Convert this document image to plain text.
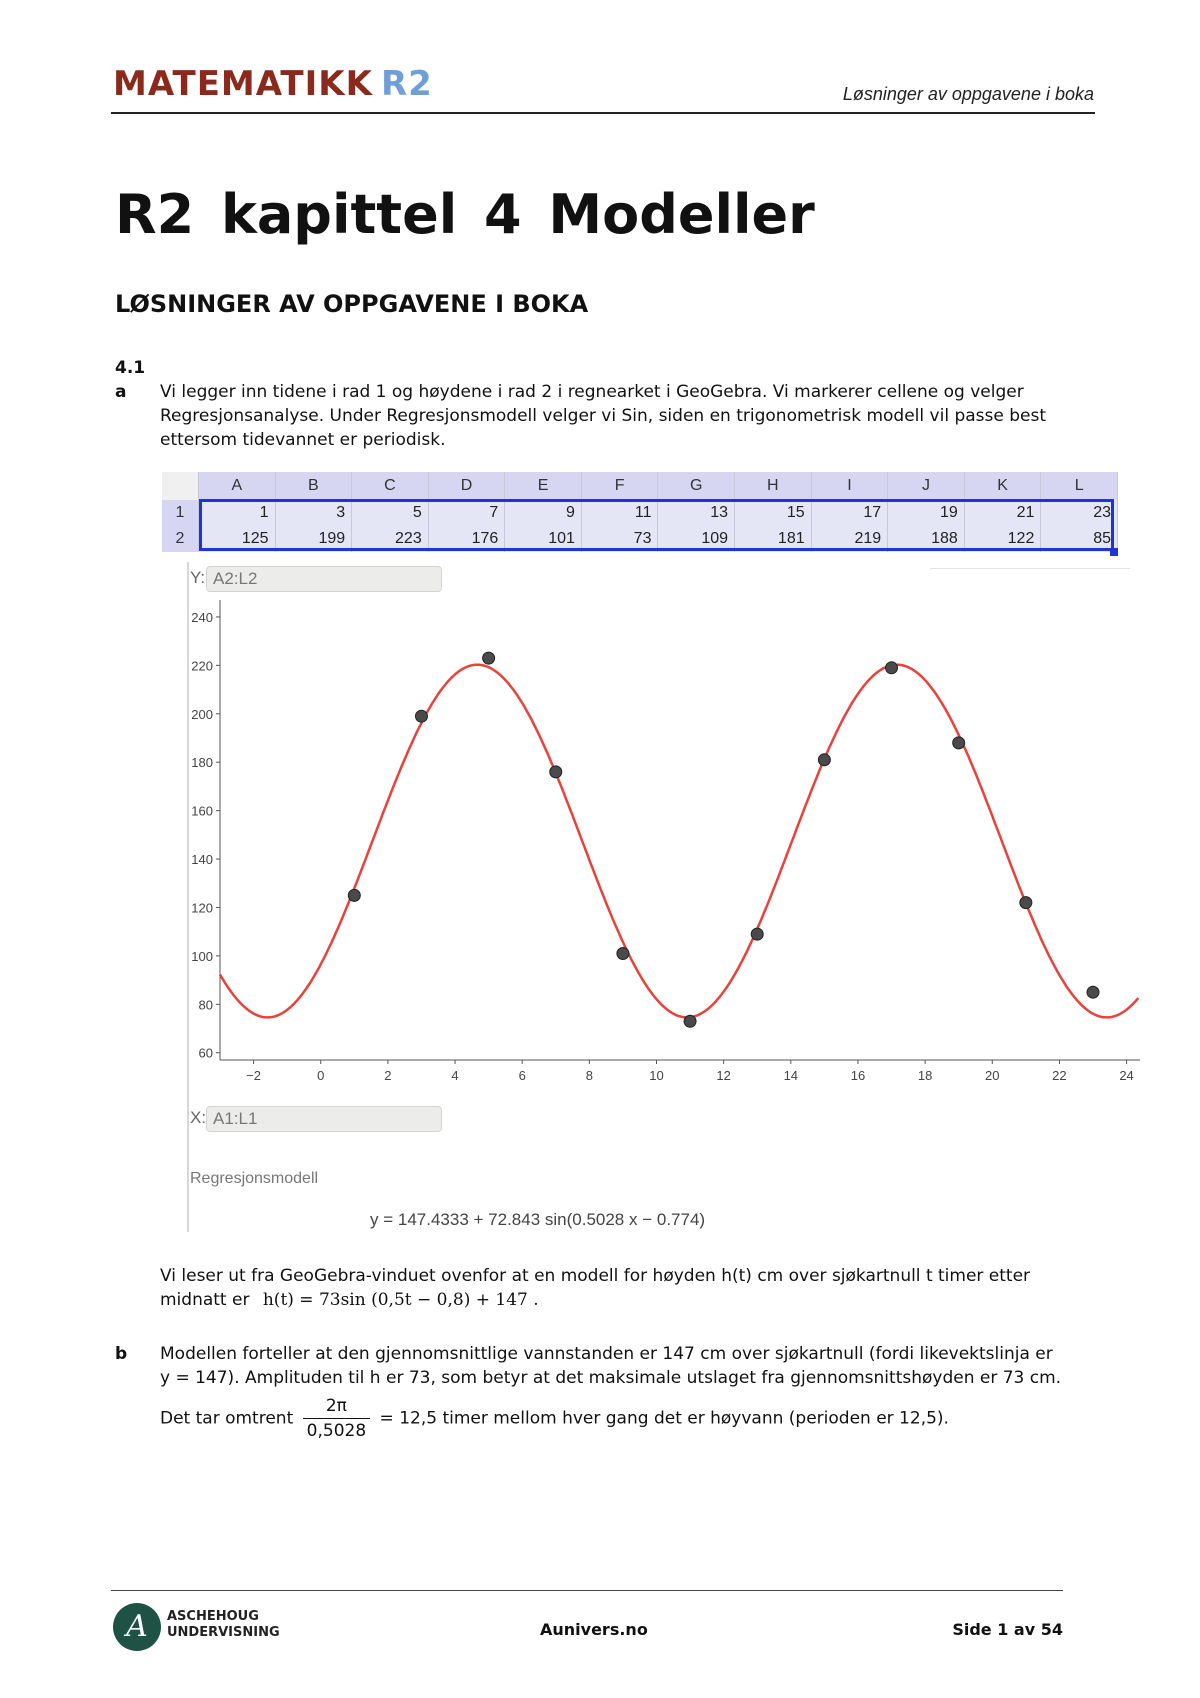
MATEMATIKK R2	Løsninger av oppgavene i boka
R2 kapittel 4 Modeller
LØSNINGER AV OPPGAVENE I BOKA
4.1
a Vi legger inn tidene i rad 1 og høydene i rad 2 i regnearket i GeoGebra. Vi markerer cellene og velger Regresjonsanalyse. Under Regresjonsmodell velger vi Sin, siden en trigonometrisk modell vil passe best ettersom tidevannet er periodisk.
	A	B	C	D	E	F	G	H	I	J	K	L
1	1	3	5	7	9	11	13	15	17	19	21	23
2	125	199	223	176	101	73	109	181	219	188	122	85
Y: A2:L2
60
80
100
120
140
160
180
200
220
240
−2	0	2	4	6	8	10	12	14	16	18	20	22	24
X: A1:L1
Regresjonsmodell
y = 147.4333 + 72.843 sin(0.5028 x − 0.774)
Vi leser ut fra GeoGebra-vinduet ovenfor at en modell for høyden h(t) cm over sjøkartnull t timer etter
midnatt er h(t) = 73sin (0,5t − 0,8) + 147 .
b Modellen forteller at den gjennomsnittlige vannstanden er 147 cm over sjøkartnull (fordi likevektslinja er
y = 147). Amplituden til h er 73, som betyr at det maksimale utslaget fra gjennomsnittshøyden er 73 cm.
Det tar omtrent $\frac{2\pi}{0,5028} = 12,5$ timer mellom hver gang det er høyvann (perioden er 12,5).
A	ASCHEHOUG
UNDERVISNING	Aunivers.no	Side 1 av 54
